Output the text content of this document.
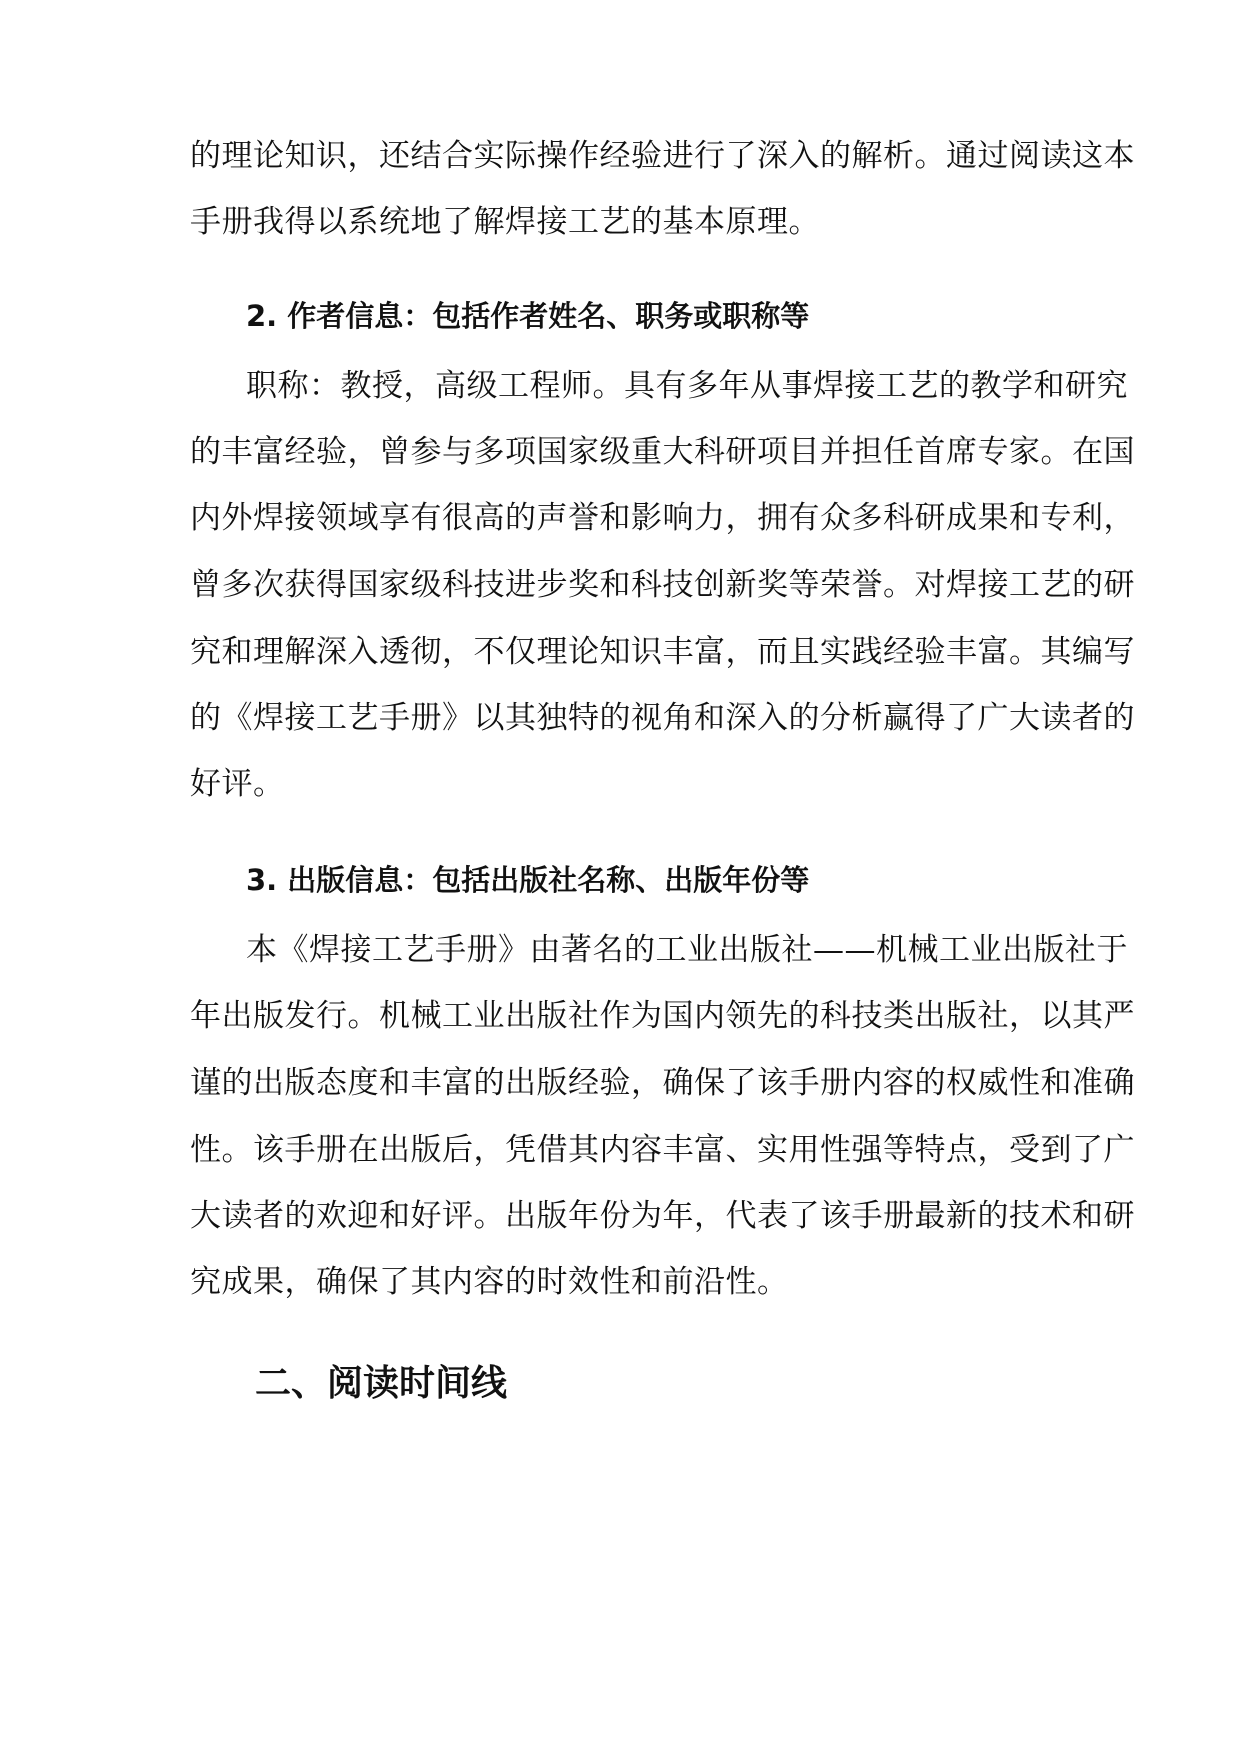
的理论知识，还结合实际操作经验进行了深入的解析。通过阅读这本
手册我得以系统地了解焊接工艺的基本原理。
2. 作者信息：包括作者姓名、职务或职称等
职称：教授，高级工程师。具有多年从事焊接工艺的教学和研究
的丰富经验，曾参与多项国家级重大科研项目并担任首席专家。在国
内外焊接领域享有很高的声誉和影响力，拥有众多科研成果和专利，
曾多次获得国家级科技进步奖和科技创新奖等荣誉。对焊接工艺的研
究和理解深入透彻，不仅理论知识丰富，而且实践经验丰富。其编写
的《焊接工艺手册》以其独特的视角和深入的分析赢得了广大读者的
好评。
3. 出版信息：包括出版社名称、出版年份等
本《焊接工艺手册》由著名的工业出版社——机械工业出版社于
年出版发行。机械工业出版社作为国内领先的科技类出版社，以其严
谨的出版态度和丰富的出版经验，确保了该手册内容的权威性和准确
性。该手册在出版后，凭借其内容丰富、实用性强等特点，受到了广
大读者的欢迎和好评。出版年份为年，代表了该手册最新的技术和研
究成果，确保了其内容的时效性和前沿性。
二、阅读时间线
